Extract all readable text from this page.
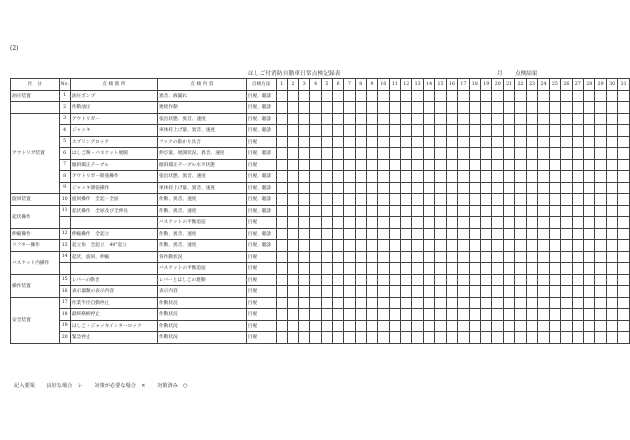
(2)
はしご付消防自動車日常点検記録表	月 点検結果
区　分	No.	点 検 箇 所	点 検 内 容	点検方法	1	2	3	4	5	6	7	8	9	10	11	12	13	14	15	16	17	18	19	20	21	22	23	24	25	26	27	28	29	30	31
油圧装置	1	油圧ポンプ	異音、液漏れ	目視、聴診																															
	2	作動油圧	連続作動	目視、聴診																															
アウトリガ装置	3	アウトリガー	張出状態、異音、速度	目視、聴診																															
	4	ジャッキ	車体持上げ量、異音、速度	目視、聴診																															
	5	スプリングロック	フックの掛かり具合	目視																															
	6	はしご関・バスケット展開	伸び量、展開状況、異音、速度	目視、聴診																															
	7	傾斜矯正テーブル	傾斜矯正テーブル水平状態	目視																															
	8	アウトリガー開張操作	張出状態、異音、速度	目視、聴診																															
	9	ジャッキ開張操作	車体持上げ量、異音、速度	目視、聴診																															
旋回装置	10	旋回操作　全起・全屈	作動、異音、速度	目視、聴診																															
起伏操作	11	起伏操作　全屈及び全伸長	作動、異音、速度	目視、聴診																															
			バスケットの平衡追従	目視																															
伸縮操作	12	伸縮操作　全起立	作動、異音、速度	目視、聴診																															
リフター操作	13	起立角　全起立　40°起立	作動、異音、速度	目視、聴診																															
バスケット内操作	14	起伏、旋回、伸縮	各作動状況	目視																															
			バスケットの平衡追従	目視																															
操作装置	15	レバーの動き	レバーとはしごの連動	目視																															
	16	表示器類の表示内容	表示内容	目視																															
安全装置	17	作業半径自動停止	作動状況	目視																															
	18	最終格納停止	作動状況	目視																															
	19	はしご・ジャッキインターロック	作動状況	目視																															
	20	緊急停止	作動状況	目視																															
記入要領 良好な場合　レ 対策が必要な場合　× 対策済み　○
